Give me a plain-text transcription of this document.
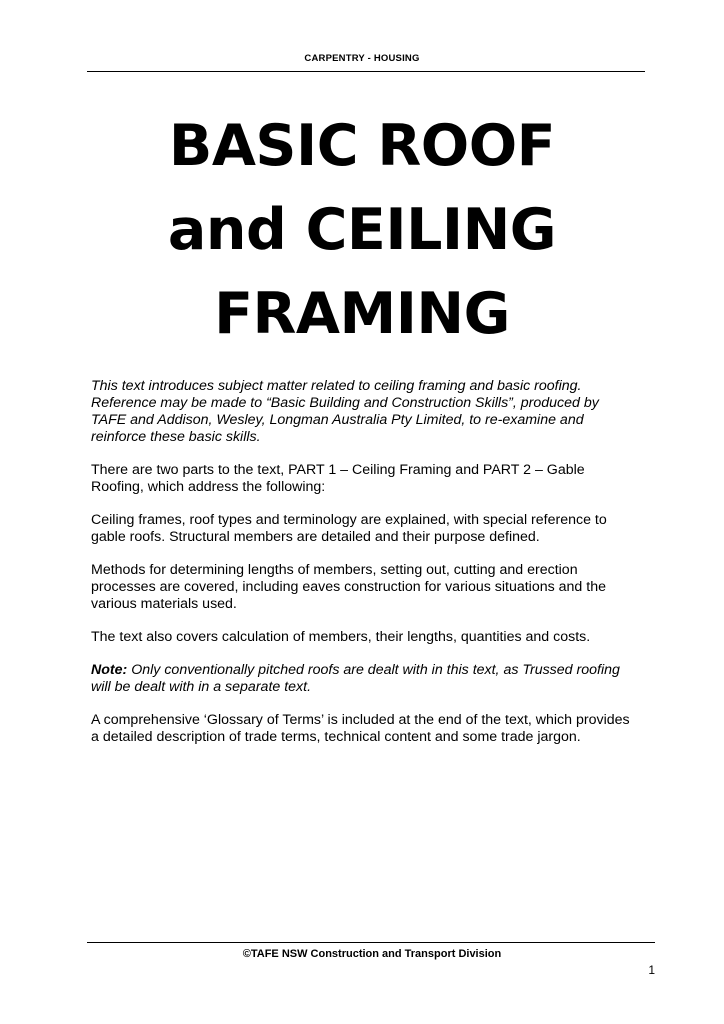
CARPENTRY - HOUSING
BASIC ROOF
and CEILING
FRAMING

This text introduces subject matter related to ceiling framing and basic roofing. Reference may be made to “Basic Building and Construction Skills”, produced by TAFE and Addison, Wesley, Longman Australia Pty Limited, to re-examine and reinforce these basic skills.

There are two parts to the text, PART 1 – Ceiling Framing and PART 2 – Gable Roofing, which address the following:

Ceiling frames, roof types and terminology are explained, with special reference to gable roofs. Structural members are detailed and their purpose defined.

Methods for determining lengths of members, setting out, cutting and erection processes are covered, including eaves construction for various situations and the various materials used.

The text also covers calculation of members, their lengths, quantities and costs.

Note: Only conventionally pitched roofs are dealt with in this text, as Trussed roofing will be dealt with in a separate text.

A comprehensive ‘Glossary of Terms’ is included at the end of the text, which provides a detailed description of trade terms, technical content and some trade jargon.

©TAFE NSW Construction and Transport Division
1
